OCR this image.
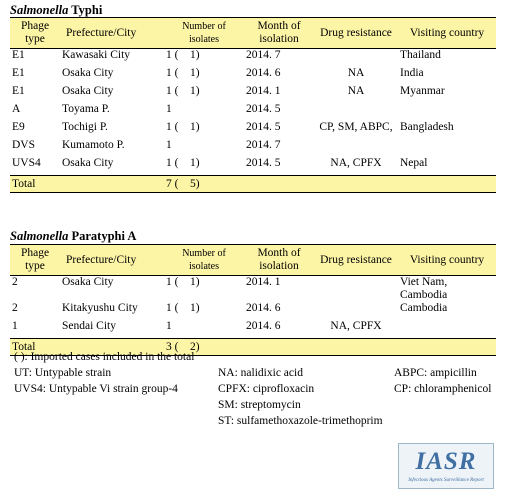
Salmonella Typhi
Phage type	Prefecture/City	Number of isolates	Month of isolation	Drug resistance	Visiting country
E1	Kawasaki City	1 (    1)	2014. 7		Thailand
E1	Osaka City	1 (    1)	2014. 6	NA	India
E1	Osaka City	1 (    1)	2014. 1	NA	Myanmar
A	Toyama P.	1	2014. 5		
E9	Tochigi P.	1 (    1)	2014. 5	CP, SM, ABPC,	Bangladesh
DVS	Kumamoto P.	1	2014. 7		
UVS4	Osaka City	1 (    1)	2014. 5	NA, CPFX	Nepal
Total		7 (    5)			
Salmonella Paratyphi A
Phage type	Prefecture/City	Number of isolates	Month of isolation	Drug resistance	Visiting country
2	Osaka City	1 (    1)	2014. 1		Viet Nam, Cambodia
2	Kitakyushu City	1 (    1)	2014. 6		Cambodia
1	Sendai City	1	2014. 6	NA, CPFX	
Total		3 (    2)			
( ): Imported cases included in the total
UT: Untypable strain
UVS4: Untypable Vi strain group-4
NA: nalidixic acid
CPFX: ciprofloxacin
SM: streptomycin
ST: sulfamethoxazole-trimethoprim
ABPC: ampicillin
CP: chloramphenicol
IASR
Infectious Agents Surveillance Report
